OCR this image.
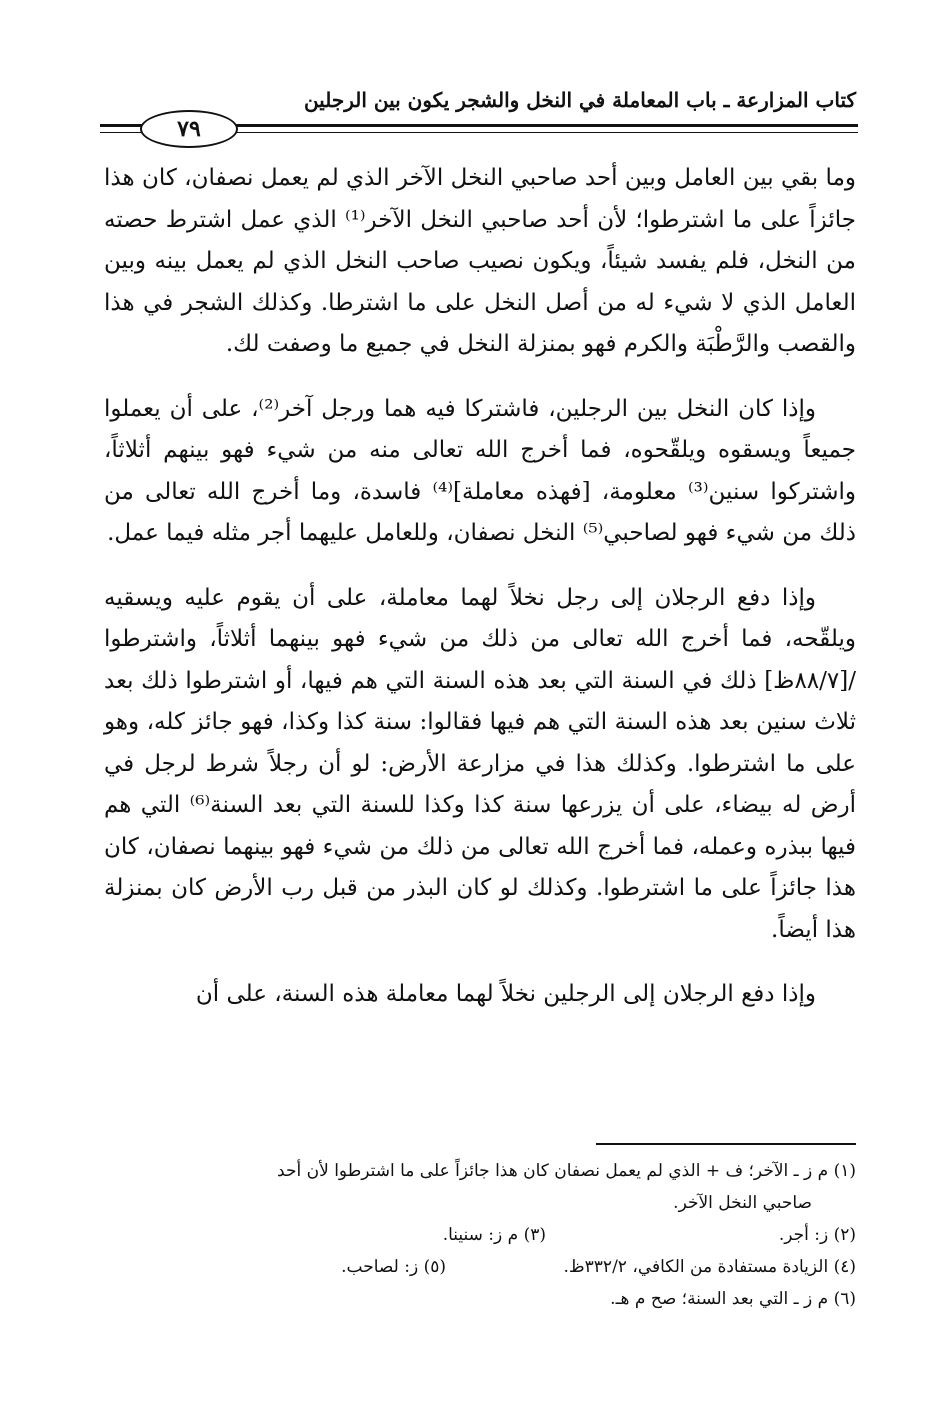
كتاب المزارعة ـ باب المعاملة في النخل والشجر يكون بين الرجلين
٧٩

وما بقي بين العامل وبين أحد صاحبي النخل الآخر الذي لم يعمل نصفان، كان هذا جائزاً على ما اشترطوا؛ لأن أحد صاحبي النخل الآخر⁽¹⁾ الذي عمل اشترط حصته من النخل، فلم يفسد شيئاً، ويكون نصيب صاحب النخل الذي لم يعمل بينه وبين العامل الذي لا شيء له من أصل النخل على ما اشترطا. وكذلك الشجر في هذا والقصب والرَّطْبَة والكرم فهو بمنزلة النخل في جميع ما وصفت لك.

وإذا كان النخل بين الرجلين، فاشتركا فيه هما ورجل آخر⁽²⁾، على أن يعملوا جميعاً ويسقوه ويلقّحوه، فما أخرج الله تعالى منه من شيء فهو بينهم أثلاثاً، واشتركوا سنين⁽³⁾ معلومة، [فهذه معاملة]⁽⁴⁾ فاسدة، وما أخرج الله تعالى من ذلك من شيء فهو لصاحبي⁽⁵⁾ النخل نصفان، وللعامل عليهما أجر مثله فيما عمل.

وإذا دفع الرجلان إلى رجل نخلاً لهما معاملة، على أن يقوم عليه ويسقيه ويلقّحه، فما أخرج الله تعالى من ذلك من شيء فهو بينهما أثلاثاً، واشترطوا /[٨٨/٧ظ] ذلك في السنة التي بعد هذه السنة التي هم فيها، أو اشترطوا ذلك بعد ثلاث سنين بعد هذه السنة التي هم فيها فقالوا: سنة كذا وكذا، فهو جائز كله، وهو على ما اشترطوا. وكذلك هذا في مزارعة الأرض: لو أن رجلاً شرط لرجل في أرض له بيضاء، على أن يزرعها سنة كذا وكذا للسنة التي بعد السنة⁽⁶⁾ التي هم فيها ببذره وعمله، فما أخرج الله تعالى من ذلك من شيء فهو بينهما نصفان، كان هذا جائزاً على ما اشترطوا. وكذلك لو كان البذر من قبل رب الأرض كان بمنزلة هذا أيضاً.

وإذا دفع الرجلان إلى الرجلين نخلاً لهما معاملة هذه السنة، على أن

(١) م ز ـ الآخر؛ ف + الذي لم يعمل نصفان كان هذا جائزاً على ما اشترطوا لأن أحد
صاحبي النخل الآخر.
(٢) ز: أجر.
(٣) م ز: سنينا.
(٤) الزيادة مستفادة من الكافي، ٣٣٢/٢ظ.
(٥) ز: لصاحب.
(٦) م ز ـ التي بعد السنة؛ صح م هـ.
